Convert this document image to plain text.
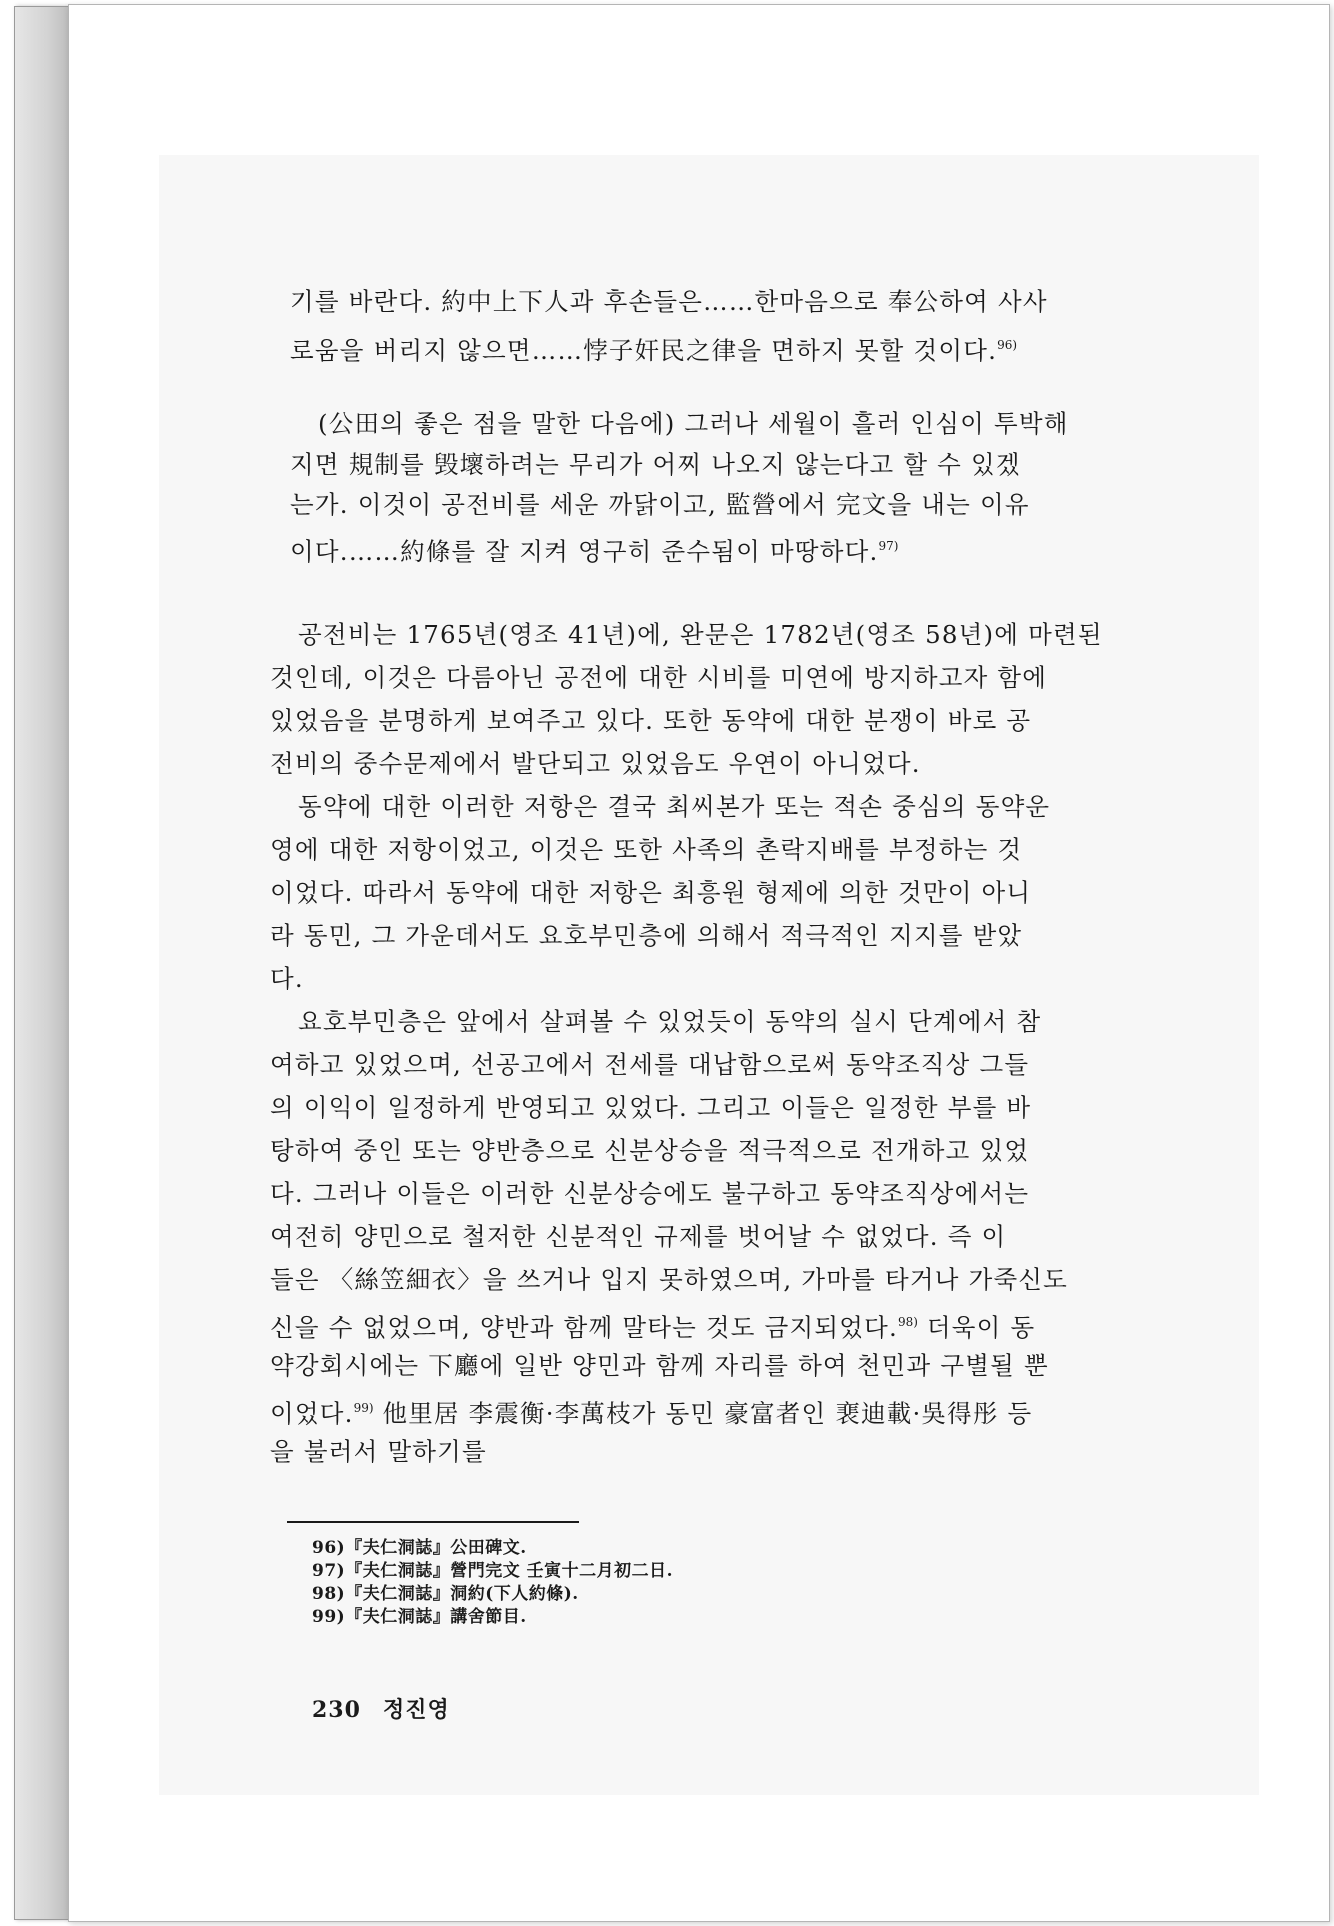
기를 바란다. 約中上下人과 후손들은……한마음으로 奉公하여 사사
로움을 버리지 않으면……悖子奸民之律을 면하지 못할 것이다.$^{96)}$
(公田의 좋은 점을 말한 다음에) 그러나 세월이 흘러 인심이 투박해
지면 規制를 毁壞하려는 무리가 어찌 나오지 않는다고 할 수 있겠
는가. 이것이 공전비를 세운 까닭이고, 監營에서 完文을 내는 이유
이다.……約條를 잘 지켜 영구히 준수됨이 마땅하다.$^{97)}$
공전비는 1765년(영조 41년)에, 완문은 1782년(영조 58년)에 마련된
것인데, 이것은 다름아닌 공전에 대한 시비를 미연에 방지하고자 함에
있었음을 분명하게 보여주고 있다. 또한 동약에 대한 분쟁이 바로 공
전비의 중수문제에서 발단되고 있었음도 우연이 아니었다.
동약에 대한 이러한 저항은 결국 최씨본가 또는 적손 중심의 동약운
영에 대한 저항이었고, 이것은 또한 사족의 촌락지배를 부정하는 것
이었다. 따라서 동약에 대한 저항은 최흥원 형제에 의한 것만이 아니
라 동민, 그 가운데서도 요호부민층에 의해서 적극적인 지지를 받았
다.
요호부민층은 앞에서 살펴볼 수 있었듯이 동약의 실시 단계에서 참
여하고 있었으며, 선공고에서 전세를 대납함으로써 동약조직상 그들
의 이익이 일정하게 반영되고 있었다. 그리고 이들은 일정한 부를 바
탕하여 중인 또는 양반층으로 신분상승을 적극적으로 전개하고 있었
다. 그러나 이들은 이러한 신분상승에도 불구하고 동약조직상에서는
여전히 양민으로 철저한 신분적인 규제를 벗어날 수 없었다. 즉 이
들은 〈絲笠細衣〉을 쓰거나 입지 못하였으며, 가마를 타거나 가죽신도
신을 수 없었으며, 양반과 함께 말타는 것도 금지되었다.$^{98)}$ 더욱이 동
약강회시에는 下廳에 일반 양민과 함께 자리를 하여 천민과 구별될 뿐
이었다.$^{99)}$ 他里居 李震衡·李萬枝가 동민 豪富者인 裵迪載·吳得彤 등
을 불러서 말하기를
96)『夫仁洞誌』公田碑文.
97)『夫仁洞誌』營門完文 壬寅十二月初二日.
98)『夫仁洞誌』洞約(下人約條).
99)『夫仁洞誌』講舍節目.
230 정진영
